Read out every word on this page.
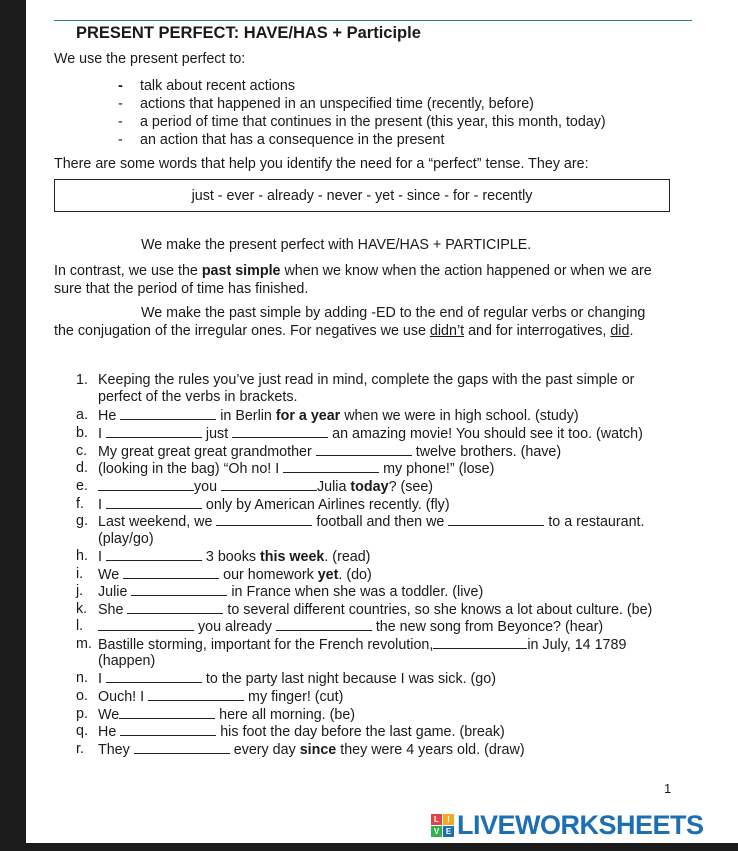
PRESENT PERFECT: HAVE/HAS + Participle
We use the present perfect to:
- talk about recent actions
- actions that happened in an unspecified time (recently, before)
- a period of time that continues in the present (this year, this month, today)
- an action that has a consequence in the present
There are some words that help you identify the need for a “perfect” tense. They are:
just - ever - already - never - yet - since - for - recently
We make the present perfect with HAVE/HAS + PARTICIPLE.
In contrast, we use the past simple when we know when the action happened or when we are
sure that the period of time has finished.
We make the past simple by adding -ED to the end of regular verbs or changing
the conjugation of the irregular ones. For negatives we use didn’t and for interrogatives, did.
1. Keeping the rules you’ve just read in mind, complete the gaps with the past simple or
perfect of the verbs in brackets.
a. He	in Berlin for a year when we were in high school. (study)
b. I	just	an amazing movie! You should see it too. (watch)
c. My great great great grandmother	twelve brothers. (have)
d. (looking in the bag) “Oh no! I	my phone!” (lose)
e.	you	Julia today? (see)
f. I	only by American Airlines recently. (fly)
g. Last weekend, we	football and then we	to a restaurant.
(play/go)
h. I	3 books this week. (read)
i. We	our homework yet. (do)
j. Julie	in France when she was a toddler. (live)
k. She	to several different countries, so she knows a lot about culture. (be)
l.	you already	the new song from Beyonce? (hear)
m. Bastille storming, important for the French revolution,	in July, 14 1789
(happen)
n. I	to the party last night because I was sick. (go)
o. Ouch! I	my finger! (cut)
p. We	here all morning. (be)
q. He	his foot the day before the last game. (break)
r. They	every day since they were 4 years old. (draw)
1
L	I
V E LIVEWORKSHEETS
